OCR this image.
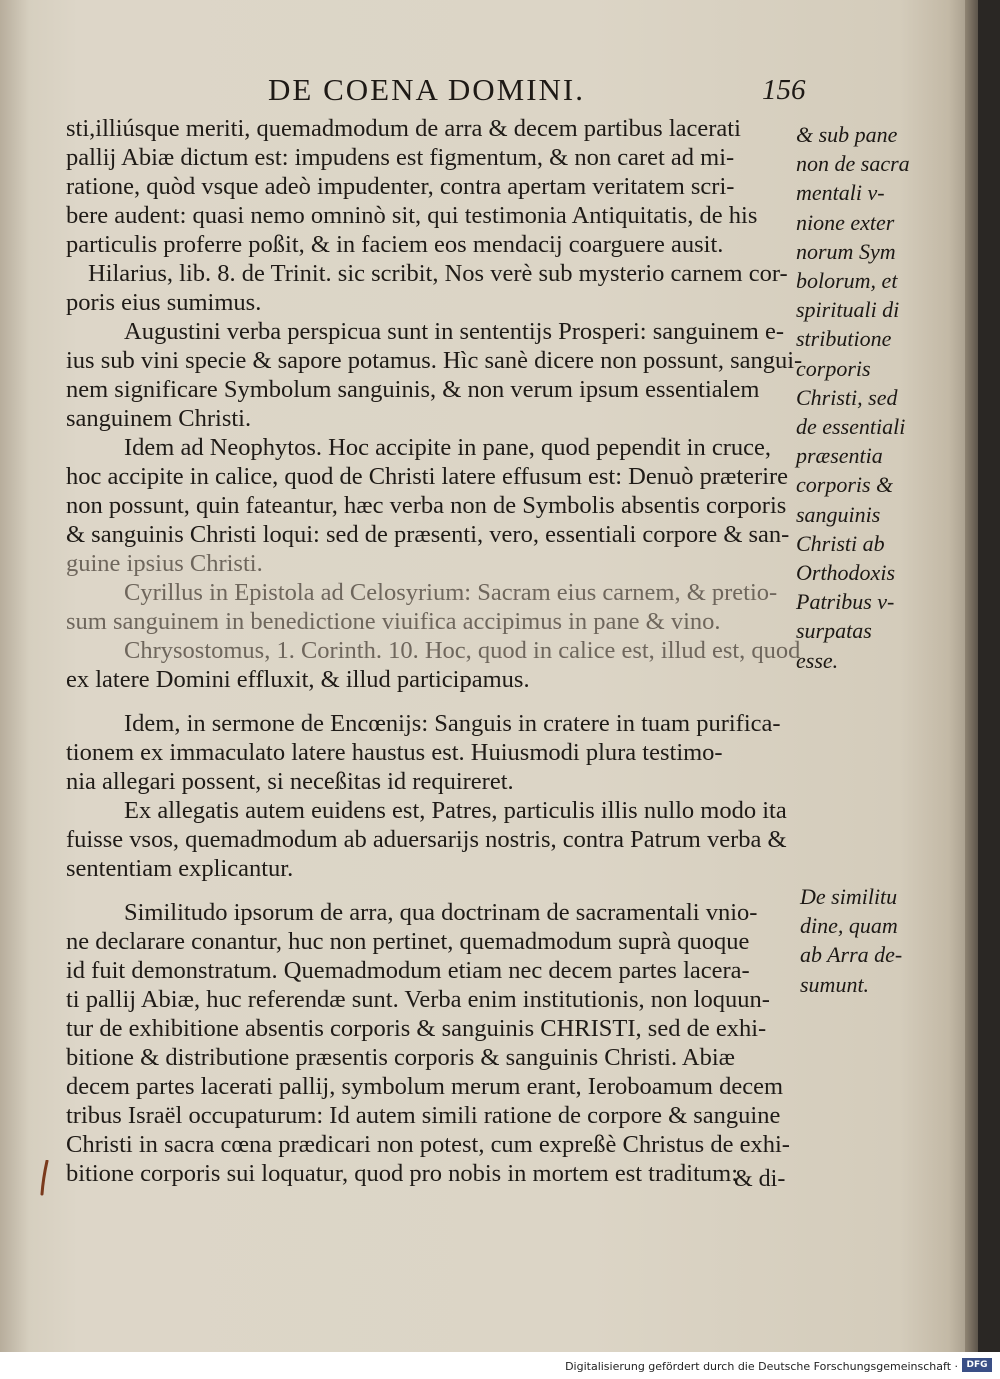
DE COENA DOMINI.	156
sti,illiúsque meriti, quemadmodum de arra & decem partibus lacerati
pallij Abiæ dictum est: impudens est figmentum, & non caret ad mi-
ratione, quòd vsque adeò impudenter, contra apertam veritatem scri-
bere audent: quasi nemo omninò sit, qui testimonia Antiquitatis, de his
particulis proferre poßit, & in faciem eos mendacij coarguere ausit.
Hilarius, lib. 8. de Trinit. sic scribit, Nos verè sub mysterio carnem cor-
poris eius sumimus.
Augustini verba perspicua sunt in sententijs Prosperi: sanguinem e-
ius sub vini specie & sapore potamus. Hìc sanè dicere non possunt, sangui-
nem significare Symbolum sanguinis, & non verum ipsum essentialem
sanguinem Christi.
Idem ad Neophytos. Hoc accipite in pane, quod pependit in cruce,
hoc accipite in calice, quod de Christi latere effusum est: Denuò præterire
non possunt, quin fateantur, hæc verba non de Symbolis absentis corporis
& sanguinis Christi loqui: sed de præsenti, vero, essentiali corpore & san-
guine ipsius Christi.
Cyrillus in Epistola ad Celosyrium: Sacram eius carnem, & pretio-
sum sanguinem in benedictione viuifica accipimus in pane & vino.
Chrysostomus, 1. Corinth. 10. Hoc, quod in calice est, illud est, quod
ex latere Domini effluxit, & illud participamus.
Idem, in sermone de Encœnijs: Sanguis in cratere in tuam purifica-
tionem ex immaculato latere haustus est. Huiusmodi plura testimo-
nia allegari possent, si neceßitas id requireret.
Ex allegatis autem euidens est, Patres, particulis illis nullo modo ita
fuisse vsos, quemadmodum ab aduersarijs nostris, contra Patrum verba &
sententiam explicantur.
Similitudo ipsorum de arra, qua doctrinam de sacramentali vnio-
ne declarare conantur, huc non pertinet, quemadmodum suprà quoque
id fuit demonstratum. Quemadmodum etiam nec decem partes lacera-
ti pallij Abiæ, huc referendæ sunt. Verba enim institutionis, non loquun-
tur de exhibitione absentis corporis & sanguinis CHRISTI, sed de exhi-
bitione & distributione præsentis corporis & sanguinis Christi. Abiæ
decem partes lacerati pallij, symbolum merum erant, Ieroboamum decem
tribus Israël occupaturum: Id autem simili ratione de corpore & sanguine
Christi in sacra cœna prædicari non potest, cum expreßè Christus de exhi-
bitione corporis sui loquatur, quod pro nobis in mortem est traditum:
& sub pane
non de sacra
mentali v-
nione exter
norum Sym
bolorum, et
spirituali di
stributione
corporis
Christi, sed
de essentiali
præsentia
corporis &
sanguinis
Christi ab
Orthodoxis
Patribus v-
surpatas
esse.
De similitu
dine, quam
ab Arra de-
sumunt.
& di-
Digitalisierung gefördert durch die Deutsche Forschungsgemeinschaft · DFG
